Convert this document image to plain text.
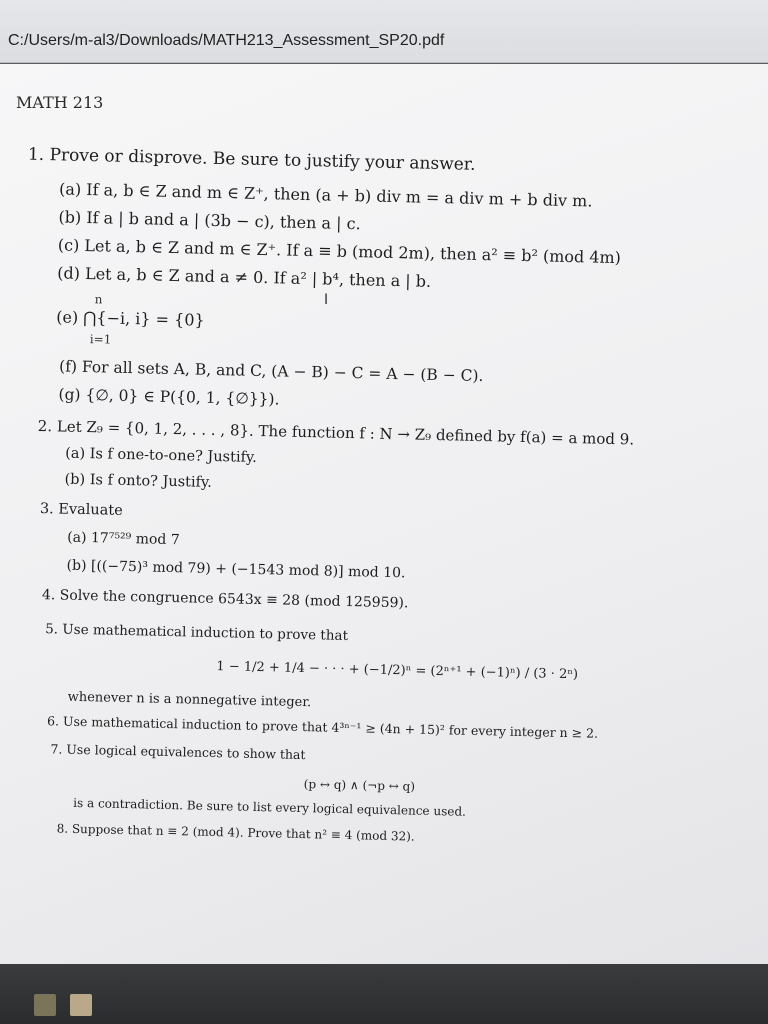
C:/Users/m-al3/Downloads/MATH213_Assessment_SP20.pdf
MATH 213
1. Prove or disprove. Be sure to justify your answer.
(a) If a, b ∈ Z and m ∈ Z⁺, then (a + b) div m = a div m + b div m.
(b) If a | b and a | (3b − c), then a | c.
(c) Let a, b ∈ Z and m ∈ Z⁺. If a ≡ b (mod 2m), then a² ≡ b² (mod 4m)
(d) Let a, b ∈ Z and a ≠ 0. If a² | b⁴, then a | b.
n
(e) ⋂{−i, i} = {0}
i=1
(f) For all sets A, B, and C, (A − B) − C = A − (B − C).
(g) {∅, 0} ∈ P({0, 1, {∅}}).
2. Let Z₉ = {0, 1, 2, . . . , 8}. The function f : N → Z₉ defined by f(a) = a mod 9.
(a) Is f one-to-one? Justify.
(b) Is f onto? Justify.
3. Evaluate
(a) 17⁷⁵²⁹ mod 7
(b) [((−75)³ mod 79) + (−1543 mod 8)] mod 10.
4. Solve the congruence 6543x ≡ 28 (mod 125959).
5. Use mathematical induction to prove that
1 − 1/2 + 1/4 − · · · + (−1/2)ⁿ = (2ⁿ⁺¹ + (−1)ⁿ) / (3 · 2ⁿ)
whenever n is a nonnegative integer.
6. Use mathematical induction to prove that 4³ⁿ⁻¹ ≥ (4n + 15)² for every integer n ≥ 2.
7. Use logical equivalences to show that
(p ↔ q) ∧ (¬p ↔ q)
is a contradiction. Be sure to list every logical equivalence used.
8. Suppose that n ≡ 2 (mod 4). Prove that n² ≡ 4 (mod 32).
I
